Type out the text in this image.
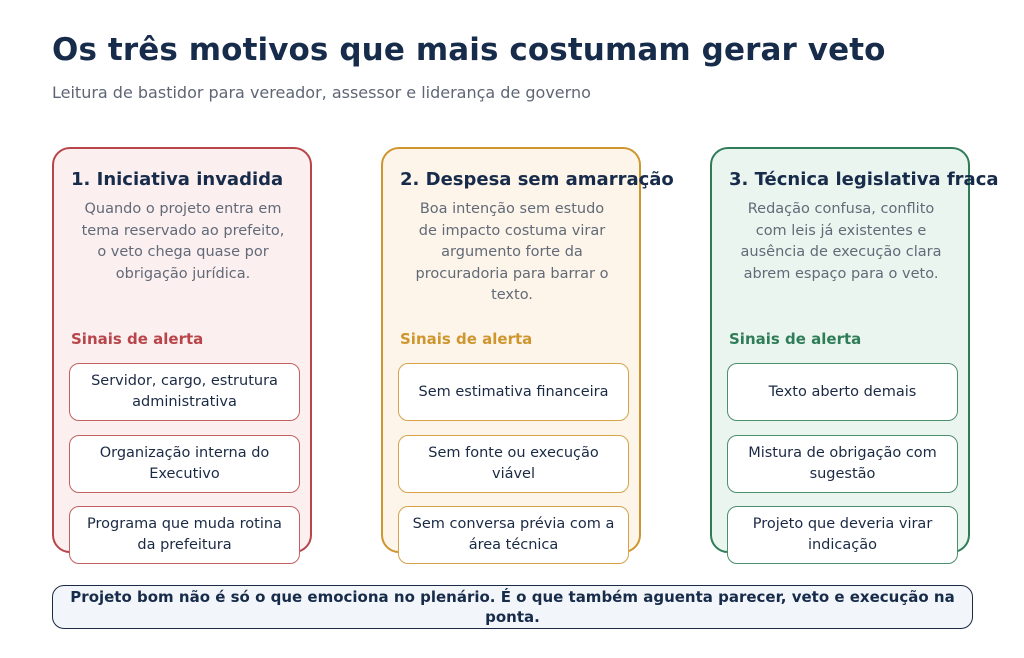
Os três motivos que mais costumam gerar veto
Leitura de bastidor para vereador, assessor e liderança de governo
1. Iniciativa invadida
Quando o projeto entra em tema reservado ao prefeito, o veto chega quase por obrigação jurídica.
Sinais de alerta
Servidor, cargo, estrutura administrativa
Organização interna do Executivo
Programa que muda rotina da prefeitura
2. Despesa sem amarração
Boa intenção sem estudo de impacto costuma virar argumento forte da procuradoria para barrar o texto.
Sinais de alerta
Sem estimativa financeira
Sem fonte ou execução viável
Sem conversa prévia com a área técnica
3. Técnica legislativa fraca
Redação confusa, conflito com leis já existentes e ausência de execução clara abrem espaço para o veto.
Sinais de alerta
Texto aberto demais
Mistura de obrigação com sugestão
Projeto que deveria virar indicação
Projeto bom não é só o que emociona no plenário. É o que também aguenta parecer, veto e execução na ponta.
